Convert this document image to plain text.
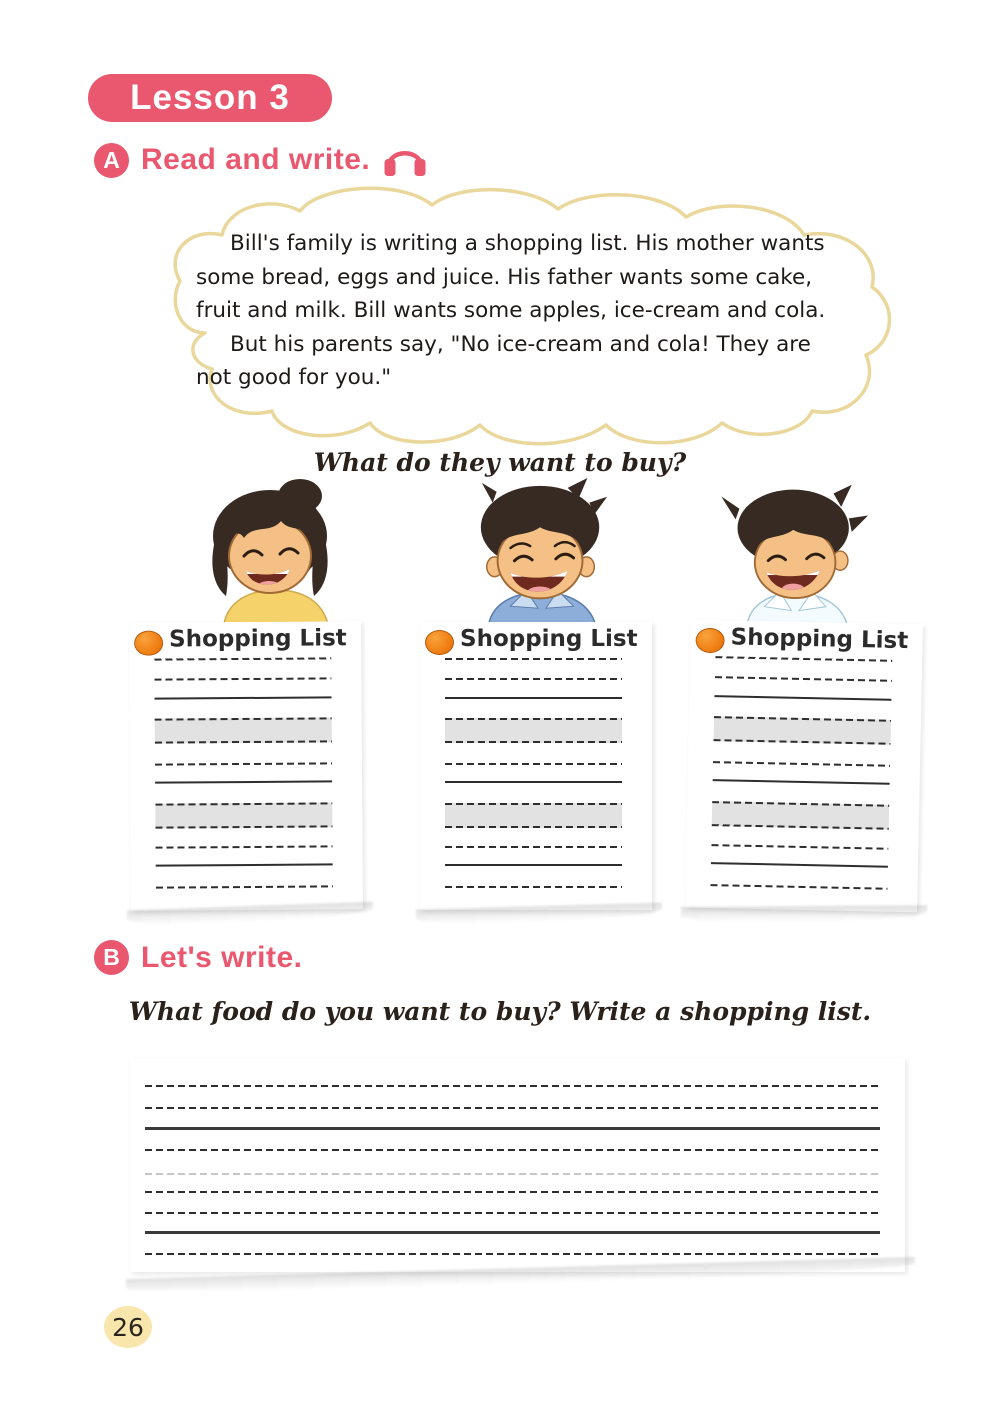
Lesson 3
A Read and write.
Bill's family is writing a shopping list. His mother wants
some bread, eggs and juice. His father wants some cake,
fruit and milk. Bill wants some apples, ice-cream and cola.
But his parents say, "No ice-cream and cola! They are
not good for you."
What do they want to buy?
Shopping List	Shopping List	Shopping List
B Let's write.
What food do you want to buy? Write a shopping list.
26
